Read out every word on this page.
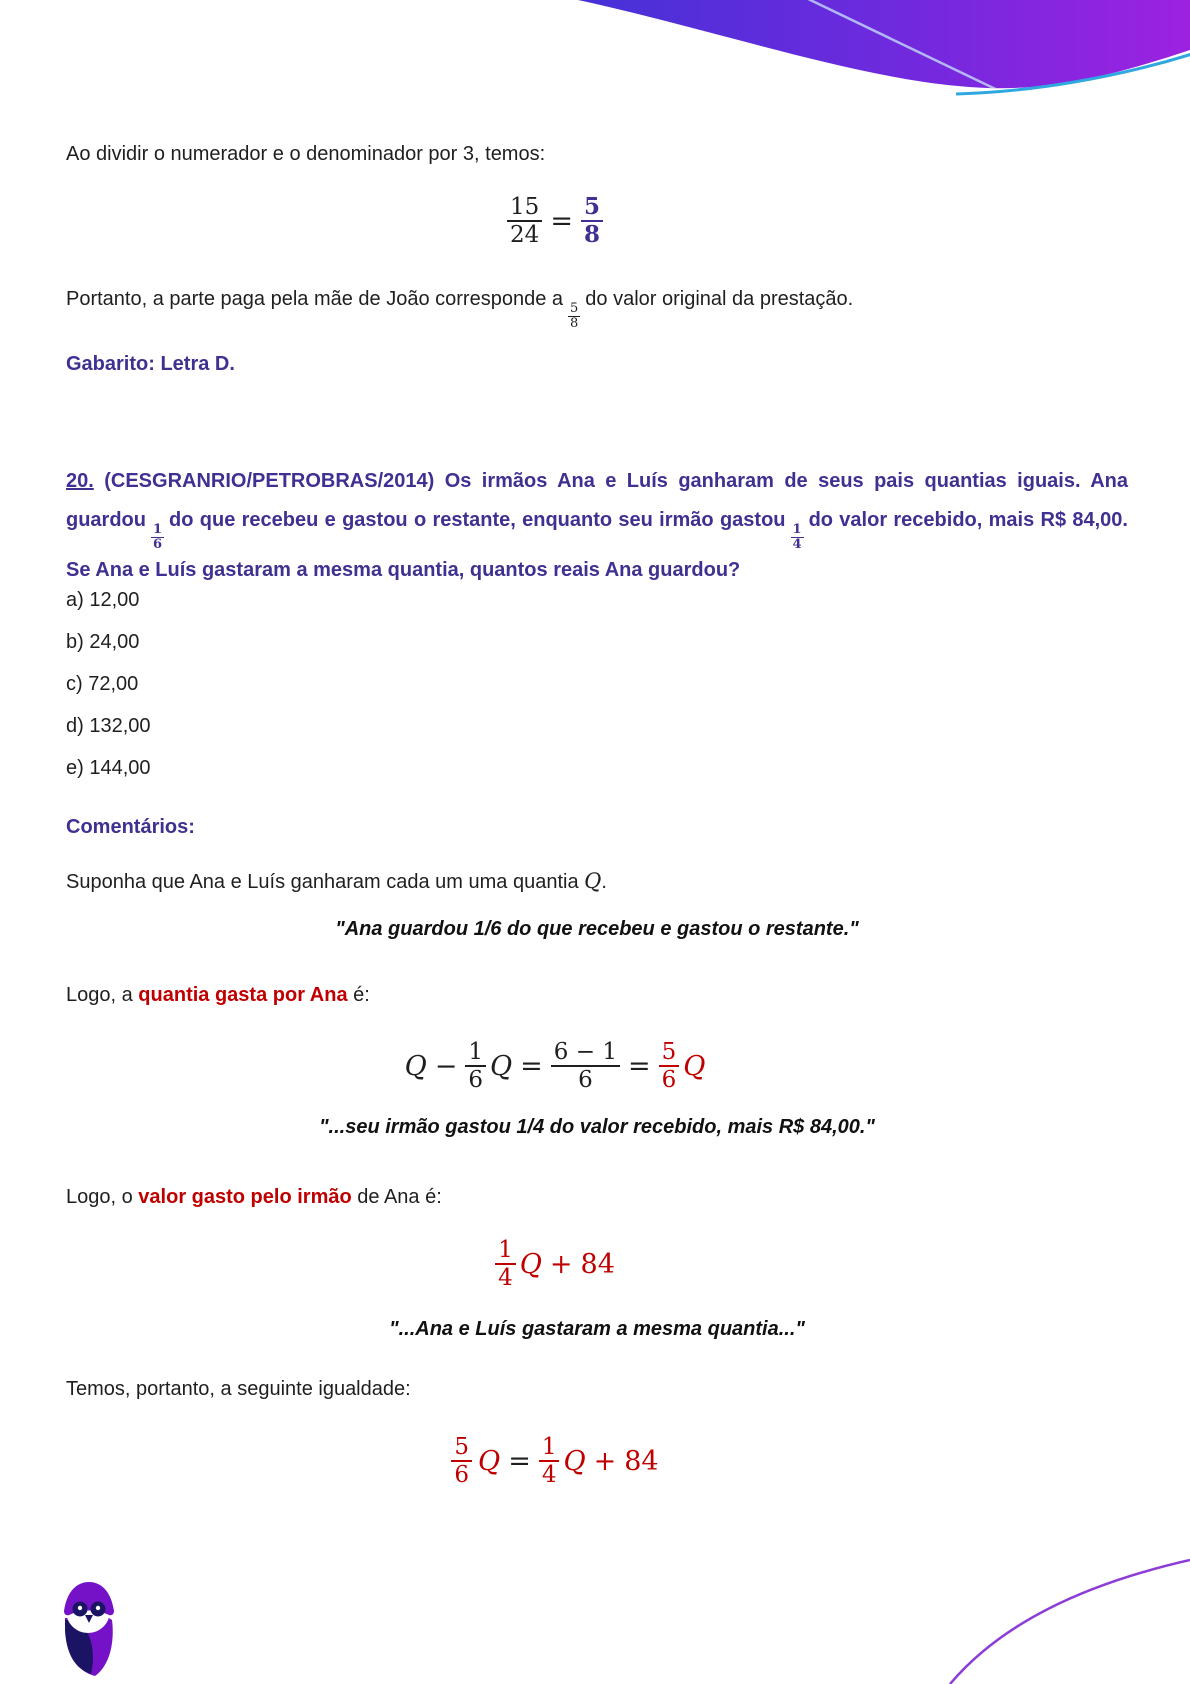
Ao dividir o numerador e o denominador por 3, temos:
$\frac{15}{24} = \frac{5}{8}$
Portanto, a parte paga pela mãe de João corresponde a
$\frac{5}{8}$
do valor original da prestação.
Gabarito: Letra D.
20. (CESGRANRIO/PETROBRAS/2014) Os irmãos Ana e Luís ganharam de seus pais quantias iguais. Ana guardou
$\frac{1}{6}$
do que recebeu e gastou o restante, enquanto seu irmão gastou
$\frac{1}{4}$
do valor recebido, mais R$ 84,00. Se Ana e Luís gastaram a mesma quantia, quantos reais Ana guardou?
a) 12,00
b) 24,00
c) 72,00
d) 132,00
e) 144,00
Comentários:
Suponha que Ana e Luís ganharam cada um uma quantia Q.
"Ana guardou 1/6 do que recebeu e gastou o restante."
Logo, a quantia gasta por Ana é:
$Q - \frac{1}{6}$ $Q = \frac{6 - 1}{6} = \frac{5}{6}$ Q
"...seu irmão gastou 1/4 do valor recebido, mais R$ 84,00."
Logo, o valor gasto pelo irmão de Ana é:
$\frac{1}{4}$ Q + 84
"...Ana e Luís gastaram a mesma quantia..."
Temos, portanto, a seguinte igualdade:
$\frac{5}{6}$ $Q = \frac{1}{4}$ Q + 84
